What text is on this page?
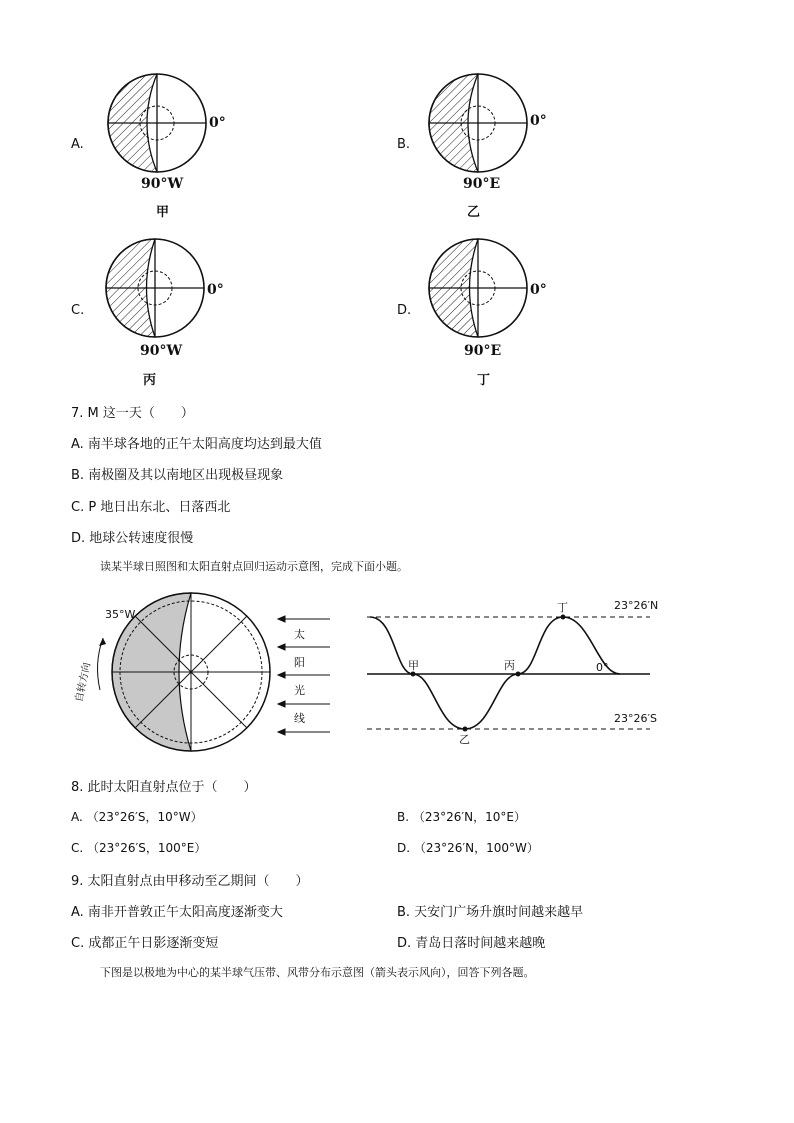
A.
0°
90°W
甲
B.
0°
90°E
乙
C.
0°
90°W
丙
D.
0°
90°E
丁
7. M 这一天（　　）
A. 南半球各地的正午太阳高度均达到最大值
B. 南极圈及其以南地区出现极昼现象
C. P 地日出东北、日落西北
D. 地球公转速度很慢
读某半球日照图和太阳直射点回归运动示意图，完成下面小题。
35°W
自转方向
太
阳
光
线
23°26′N
23°26′S
0°
甲	丙
乙
丁
8. 此时太阳直射点位于（　　）
A. （23°26′S，10°W）	B. （23°26′N，10°E）
C. （23°26′S，100°E）	D. （23°26′N，100°W）
9. 太阳直射点由甲移动至乙期间（　　）
A. 南非开普敦正午太阳高度逐渐变大	B. 天安门广场升旗时间越来越早
C. 成都正午日影逐渐变短	D. 青岛日落时间越来越晚
下图是以极地为中心的某半球气压带、风带分布示意图（箭头表示风向），回答下列各题。
